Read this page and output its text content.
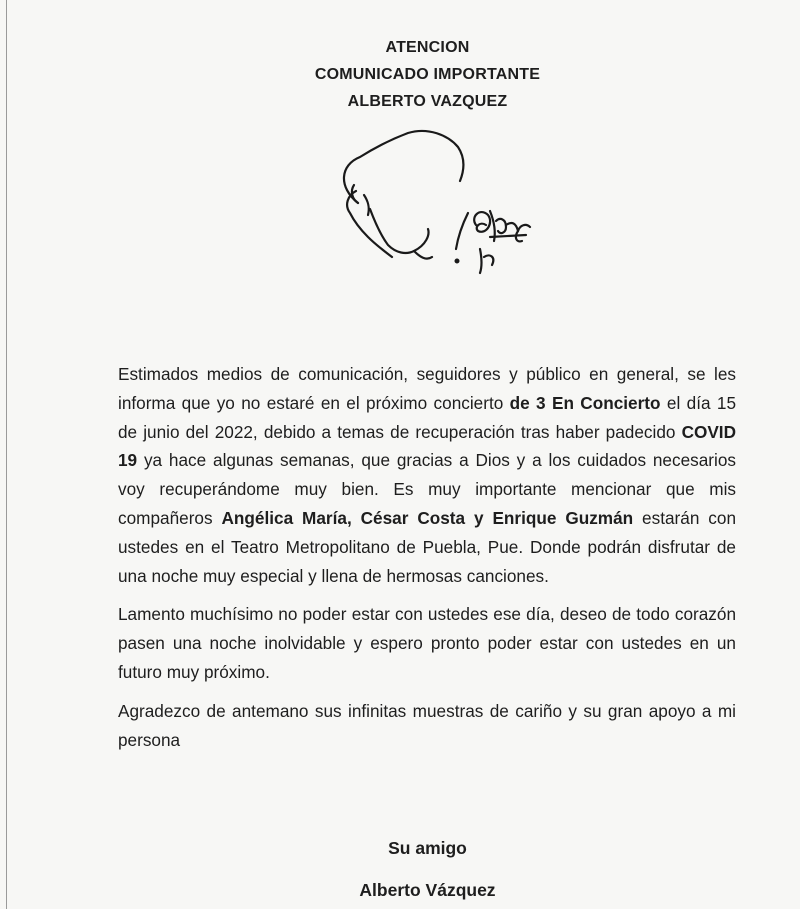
ATENCION
COMUNICADO IMPORTANTE
ALBERTO VAZQUEZ

Estimados medios de comunicación, seguidores y público en general, se les informa que yo no estaré en el próximo concierto de 3 En Concierto el día 15 de junio del 2022, debido a temas de recuperación tras haber padecido COVID 19 ya hace algunas semanas, que gracias a Dios y a los cuidados necesarios voy recuperándome muy bien. Es muy importante mencionar que mis compañeros Angélica María, César Costa y Enrique Guzmán estarán con ustedes en el Teatro Metropolitano de Puebla, Pue. Donde podrán disfrutar de una noche muy especial y llena de hermosas canciones.

Lamento muchísimo no poder estar con ustedes ese día, deseo de todo corazón pasen una noche inolvidable y espero pronto poder estar con ustedes en un futuro muy próximo.

Agradezco de antemano sus infinitas muestras de cariño y su gran apoyo a mi persona

Su amigo
Alberto Vázquez
